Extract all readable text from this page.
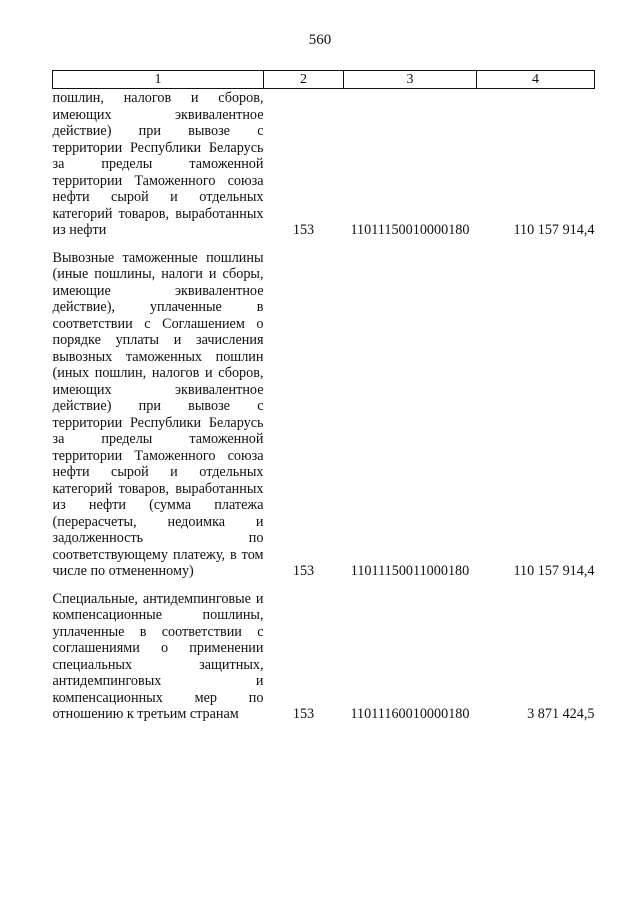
560
1	2	3	4
пошлин, налогов и сборов, имеющих эквивалентное действие) при вывозе с территории Республики Беларусь за пределы таможенной территории Таможенного союза нефти сырой и отдельных категорий товаров, выработанных из нефти	153	11011150010000180	110 157 914,4
Вывозные таможенные пошлины (иные пошлины, налоги и сборы, имеющие эквивалентное действие), уплаченные в соответствии с Соглашением о порядке уплаты и зачисления вывозных таможенных пошлин (иных пошлин, налогов и сборов, имеющих эквивалентное действие) при вывозе с территории Республики Беларусь за пределы таможенной территории Таможенного союза нефти сырой и отдельных категорий товаров, выработанных из нефти (сумма платежа (перерасчеты, недоимка и задолженность по соответствующему платежу, в том числе по отмененному)	153	11011150011000180	110 157 914,4
Специальные, антидемпинговые и компенсационные пошлины, уплаченные в соответствии с соглашениями о применении специальных защитных, антидемпинговых и компенсационных мер по отношению к третьим странам	153	11011160010000180	3 871 424,5
